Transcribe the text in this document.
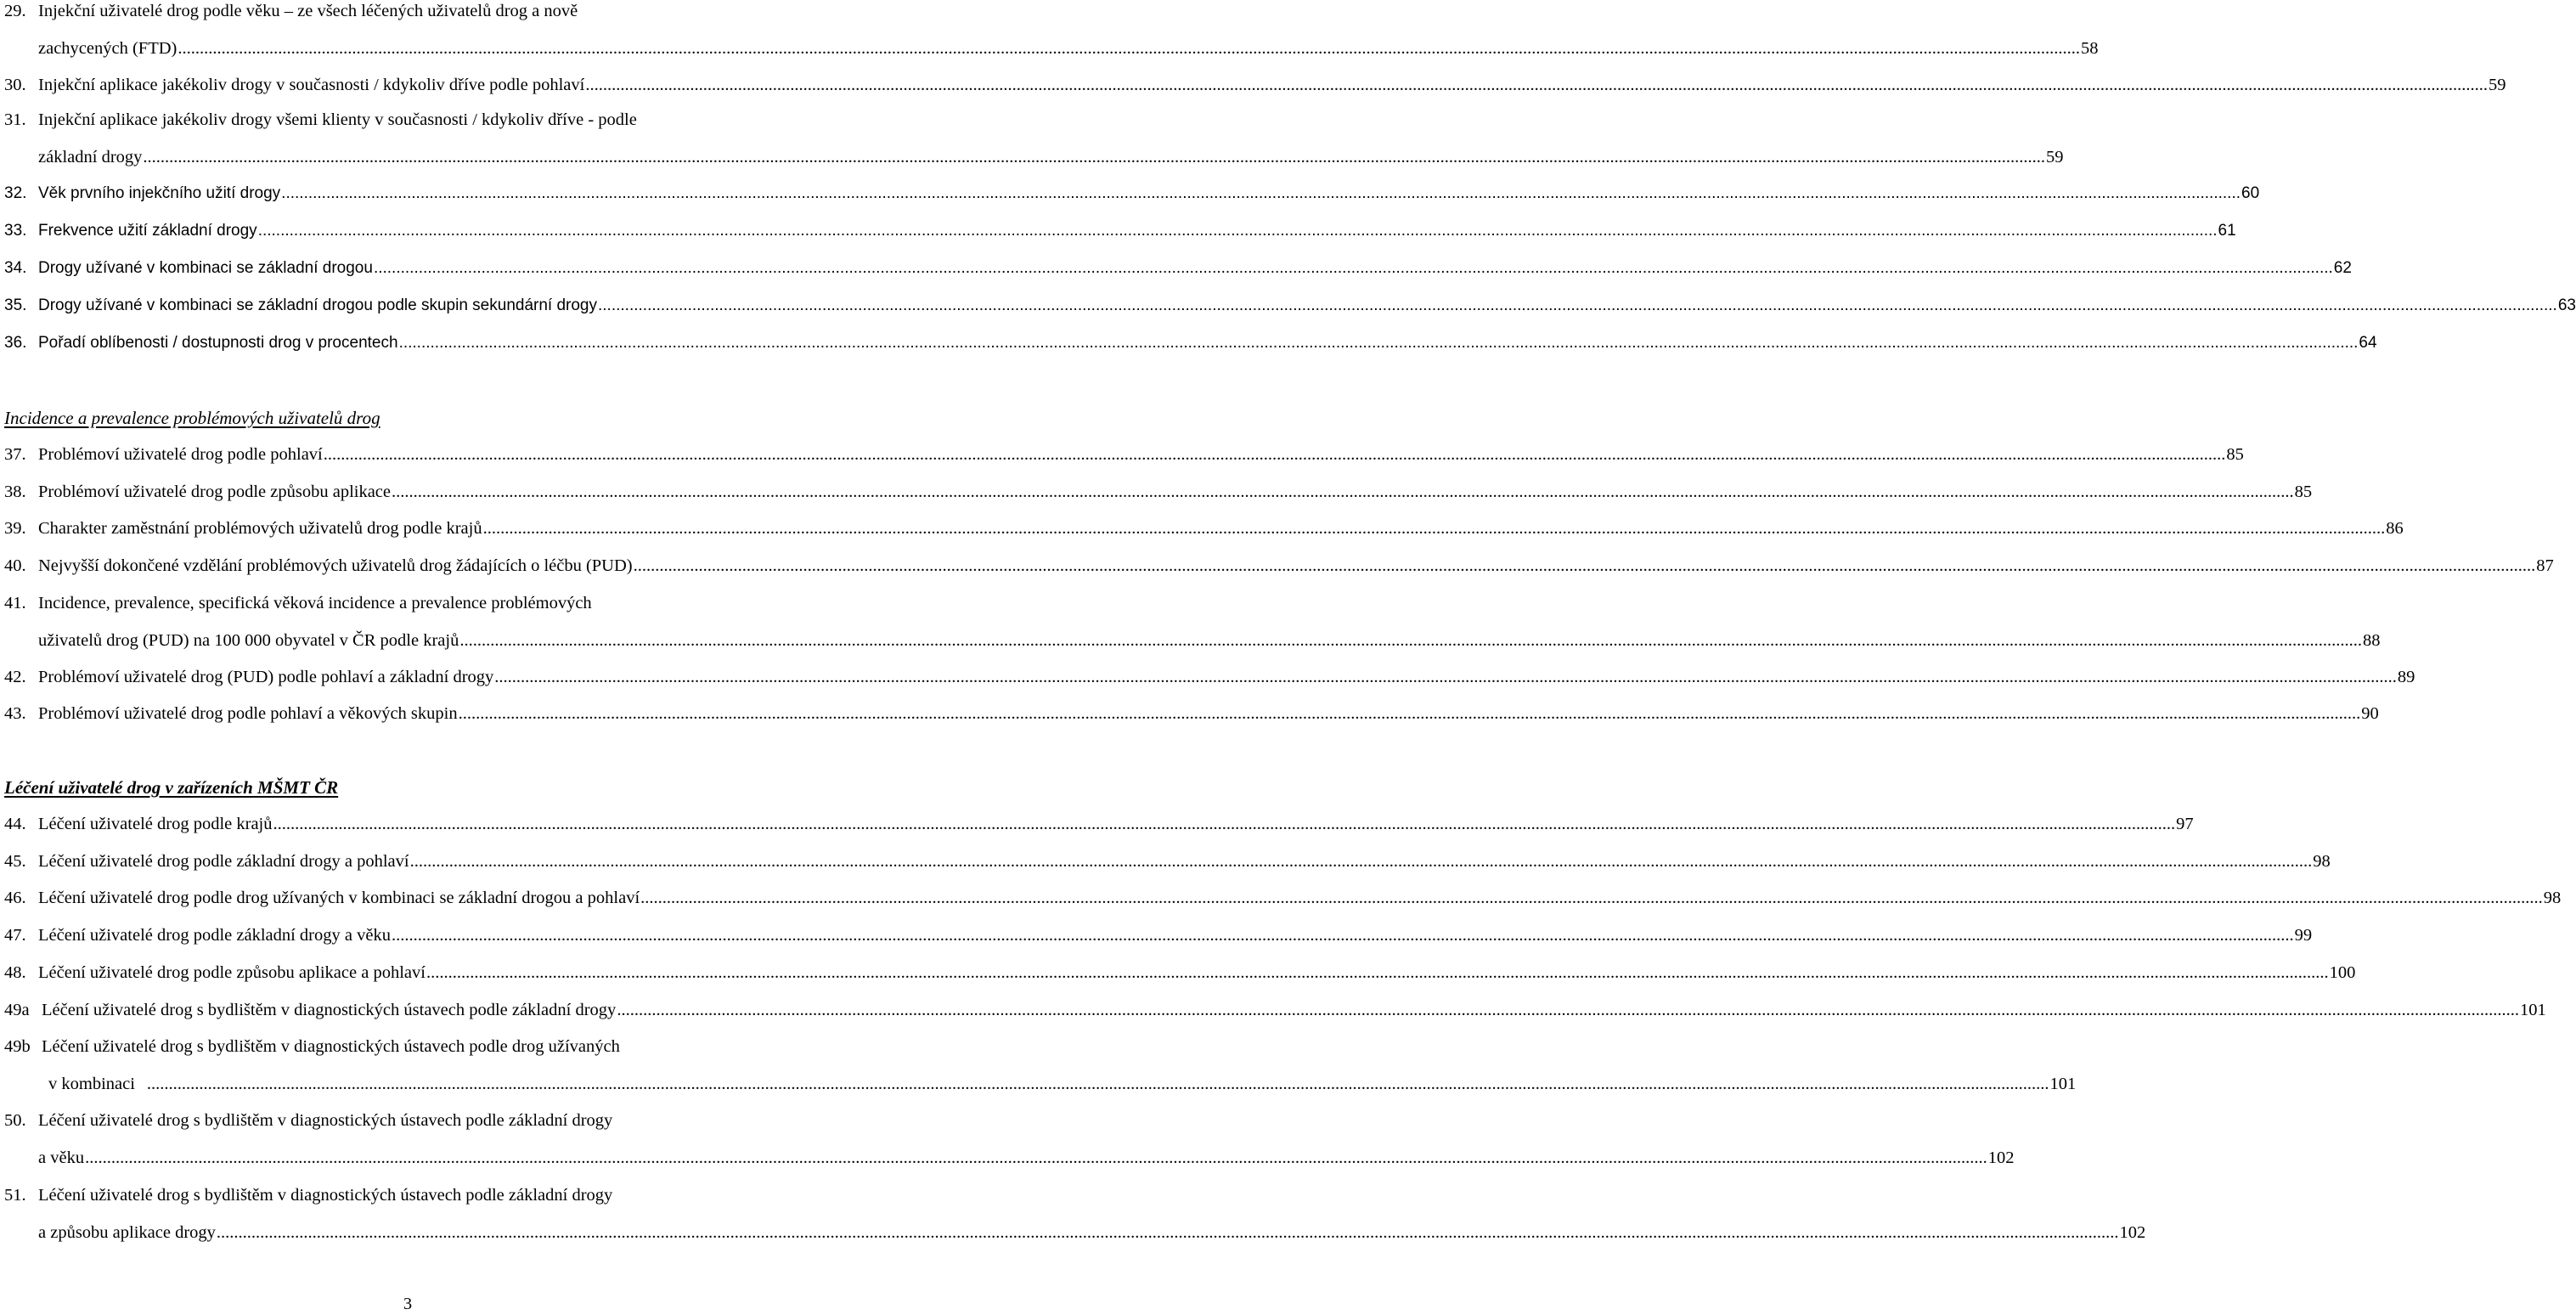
29. Injekční uživatelé drog podle věku – ze všech léčených uživatelů drog a nově
zachycených (FTD) .....	58
30. Injekční aplikace jakékoliv drogy v současnosti / kdykoliv dříve podle pohlaví .....	59
31. Injekční aplikace jakékoliv drogy všemi klienty v současnosti / kdykoliv dříve - podle
základní drogy .....	59
32. Věk prvního injekčního užití drogy .....	60
33. Frekvence užití základní drogy .....	61
34. Drogy užívané v kombinaci se základní drogou .....	62
35. Drogy užívané v kombinaci se základní drogou podle skupin sekundární drogy .....	63
36. Pořadí oblíbenosti / dostupnosti drog v procentech .....	64
Incidence a prevalence problémových uživatelů drog
37. Problémoví uživatelé drog podle pohlaví .....	85
38. Problémoví uživatelé drog podle způsobu aplikace .....	85
39. Charakter zaměstnání problémových uživatelů drog podle krajů .....	86
40. Nejvyšší dokončené vzdělání problémových uživatelů drog žádajících o léčbu (PUD) .....	87
41. Incidence, prevalence, specifická věková incidence a prevalence problémových
uživatelů drog (PUD) na 100 000 obyvatel v ČR podle krajů .....	88
42. Problémoví uživatelé drog (PUD) podle pohlaví a základní drogy .....	89
43. Problémoví uživatelé drog podle pohlaví a věkových skupin .....	90
Léčení uživatelé drog v zařízeních MŠMT ČR
44. Léčení uživatelé drog podle krajů .....	97
45. Léčení uživatelé drog podle základní drogy a pohlaví .....	98
46. Léčení uživatelé drog podle drog užívaných v kombinaci se základní drogou a pohlaví .....	98
47. Léčení uživatelé drog podle základní drogy a věku .....	99
48. Léčení uživatelé drog podle způsobu aplikace a pohlaví .....	100
49a Léčení uživatelé drog s bydlištěm v diagnostických ústavech podle základní drogy .....	101
49b Léčení uživatelé drog s bydlištěm v diagnostických ústavech podle drog užívaných
v kombinaci .....	101
50. Léčení uživatelé drog s bydlištěm v diagnostických ústavech podle základní drogy
a věku .....	102
51. Léčení uživatelé drog s bydlištěm v diagnostických ústavech podle základní drogy
a způsobu aplikace drogy .....	102
3
